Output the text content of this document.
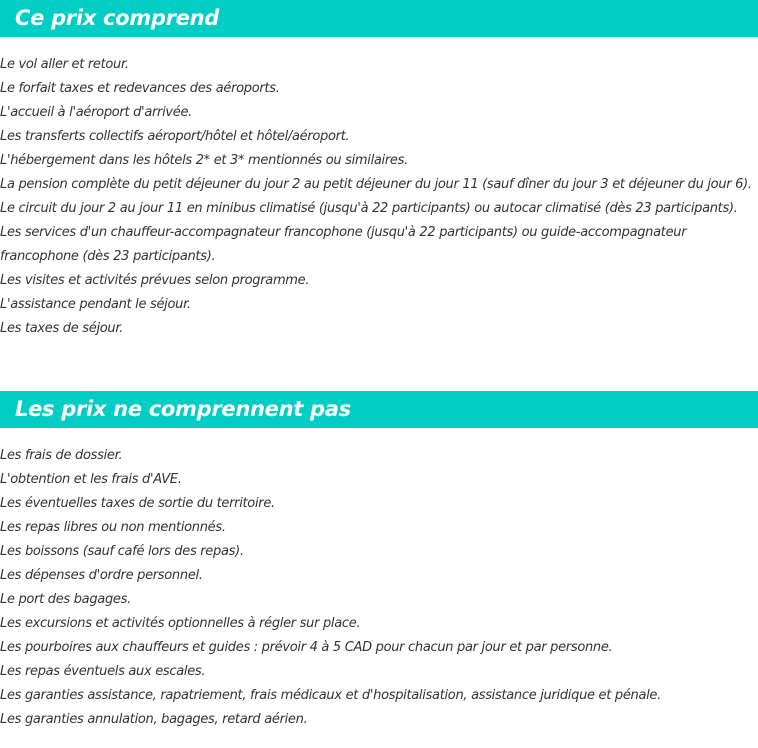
Ce prix comprend
Le vol aller et retour.
Le forfait taxes et redevances des aéroports.
L'accueil à l'aéroport d'arrivée.
Les transferts collectifs aéroport/hôtel et hôtel/aéroport.
L'hébergement dans les hôtels 2* et 3* mentionnés ou similaires.
La pension complète du petit déjeuner du jour 2 au petit déjeuner du jour 11 (sauf dîner du jour 3 et déjeuner du jour 6).
Le circuit du jour 2 au jour 11 en minibus climatisé (jusqu'à 22 participants) ou autocar climatisé (dès 23 participants).
Les services d'un chauffeur-accompagnateur francophone (jusqu'à 22 participants) ou guide-accompagnateur francophone (dès 23 participants).
Les visites et activités prévues selon programme.
L'assistance pendant le séjour.
Les taxes de séjour.
Les prix ne comprennent pas
Les frais de dossier.
L'obtention et les frais d'AVE.
Les éventuelles taxes de sortie du territoire.
Les repas libres ou non mentionnés.
Les boissons (sauf café lors des repas).
Les dépenses d'ordre personnel.
Le port des bagages.
Les excursions et activités optionnelles à régler sur place.
Les pourboires aux chauffeurs et guides : prévoir 4 à 5 CAD pour chacun par jour et par personne.
Les repas éventuels aux escales.
Les garanties assistance, rapatriement, frais médicaux et d'hospitalisation, assistance juridique et pénale.
Les garanties annulation, bagages, retard aérien.
